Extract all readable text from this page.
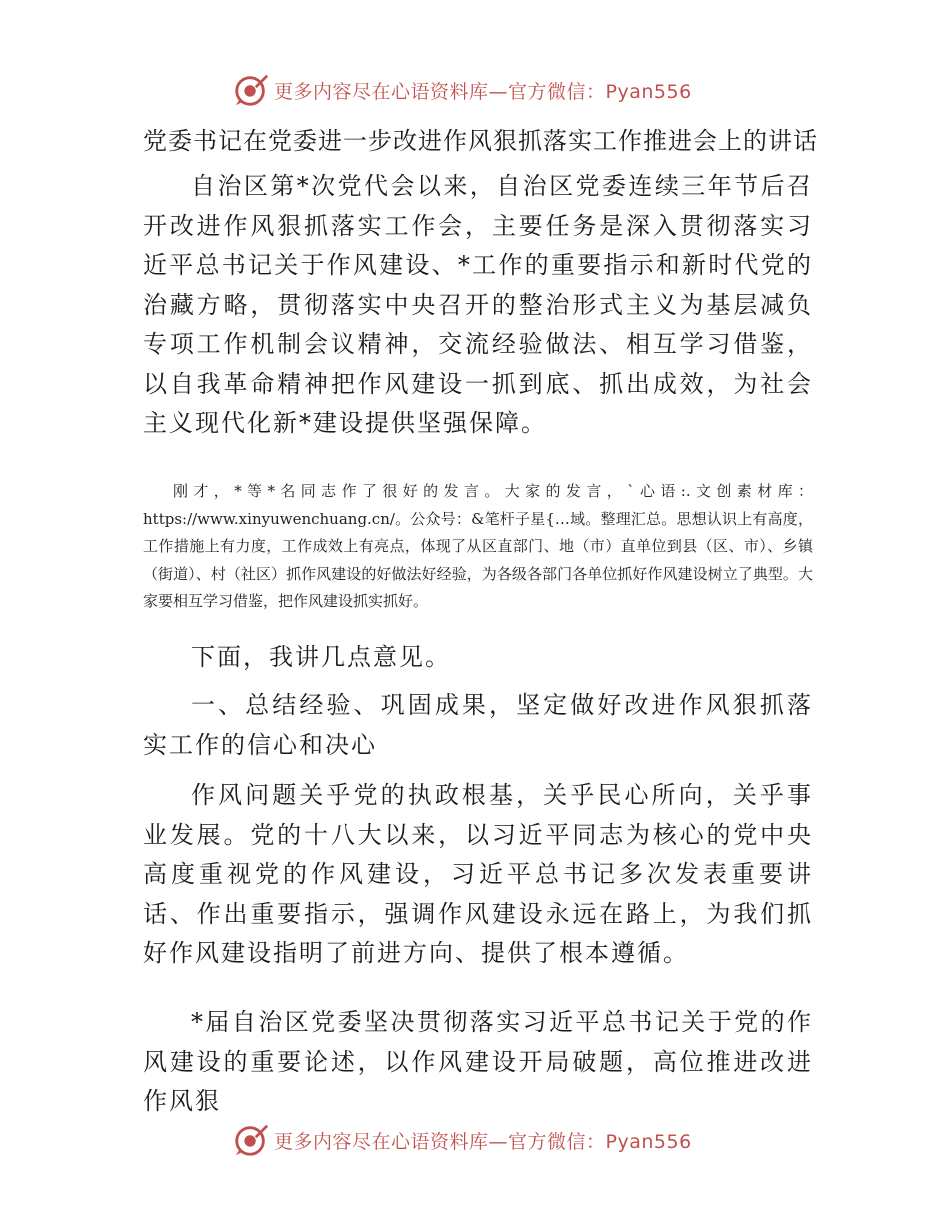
更多内容尽在心语资料库—官方微信：Pyan556
党委书记在党委进一步改进作风狠抓落实工作推进会上的讲话

自治区第*次党代会以来，自治区党委连续三年节后召开改进作风狠抓落实工作会，主要任务是深入贯彻落实习近平总书记关于作风建设、*工作的重要指示和新时代党的治藏方略，贯彻落实中央召开的整治形式主义为基层减负专项工作机制会议精神，交流经验做法、相互学习借鉴，以自我革命精神把作风建设一抓到底、抓出成效，为社会主义现代化新*建设提供坚强保障。

刚才，*等*名同志作了很好的发言。大家的发言，`心语:.文创素材库：https://www.xinyuwenchuang.cn/。公众号：&笔杆子星{…域。整理汇总。思想认识上有高度，工作措施上有力度，工作成效上有亮点，体现了从区直部门、地（市）直单位到县（区、市）、乡镇（街道）、村（社区）抓作风建设的好做法好经验，为各级各部门各单位抓好作风建设树立了典型。大家要相互学习借鉴，把作风建设抓实抓好。

下面，我讲几点意见。

一、总结经验、巩固成果，坚定做好改进作风狠抓落实工作的信心和决心

作风问题关乎党的执政根基，关乎民心所向，关乎事业发展。党的十八大以来，以习近平同志为核心的党中央高度重视党的作风建设，习近平总书记多次发表重要讲话、作出重要指示，强调作风建设永远在路上，为我们抓好作风建设指明了前进方向、提供了根本遵循。

*届自治区党委坚决贯彻落实习近平总书记关于党的作风建设的重要论述，以作风建设开局破题，高位推进改进作风狠

更多内容尽在心语资料库—官方微信：Pyan556
